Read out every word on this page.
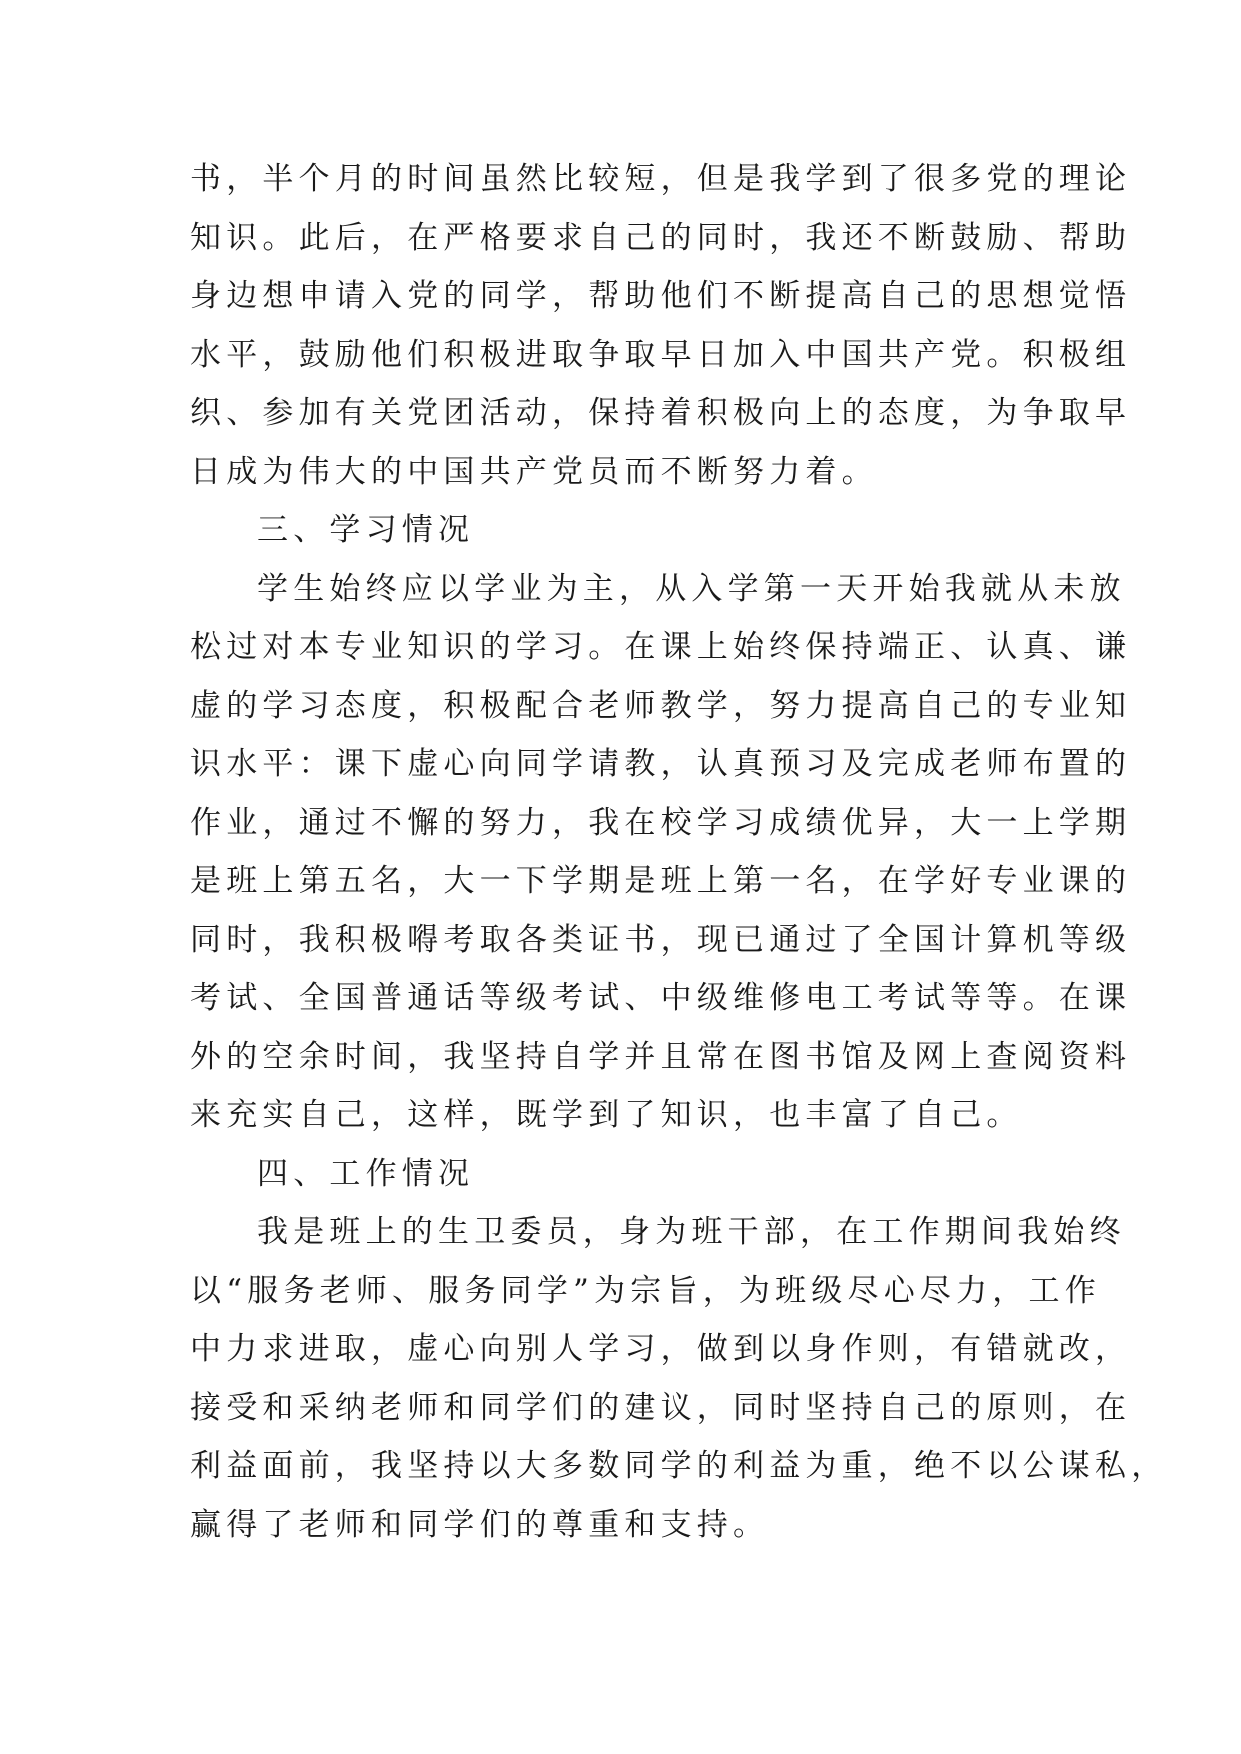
书，半个月的时间虽然比较短，但是我学到了很多党的理论
知识。此后，在严格要求自己的同时，我还不断鼓励、帮助
身边想申请入党的同学，帮助他们不断提高自己的思想觉悟
水平，鼓励他们积极进取争取早日加入中国共产党。积极组
织、参加有关党团活动，保持着积极向上的态度，为争取早
日成为伟大的中国共产党员而不断努力着。
三、学习情况
学生始终应以学业为主，从入学第一天开始我就从未放
松过对本专业知识的学习。在课上始终保持端正、认真、谦
虚的学习态度，积极配合老师教学，努力提高自己的专业知
识水平：课下虚心向同学请教，认真预习及完成老师布置的
作业，通过不懈的努力，我在校学习成绩优异，大一上学期
是班上第五名，大一下学期是班上第一名，在学好专业课的
同时，我积极嘚考取各类证书，现已通过了全国计算机等级
考试、全国普通话等级考试、中级维修电工考试等等。在课
外的空余时间，我坚持自学并且常在图书馆及网上查阅资料
来充实自己，这样，既学到了知识，也丰富了自己。
四、工作情况
我是班上的生卫委员，身为班干部，在工作期间我始终
以“服务老师、服务同学”为宗旨，为班级尽心尽力，工作
中力求进取，虚心向别人学习，做到以身作则，有错就改，
接受和采纳老师和同学们的建议，同时坚持自己的原则，在
利益面前，我坚持以大多数同学的利益为重，绝不以公谋私，
赢得了老师和同学们的尊重和支持。
